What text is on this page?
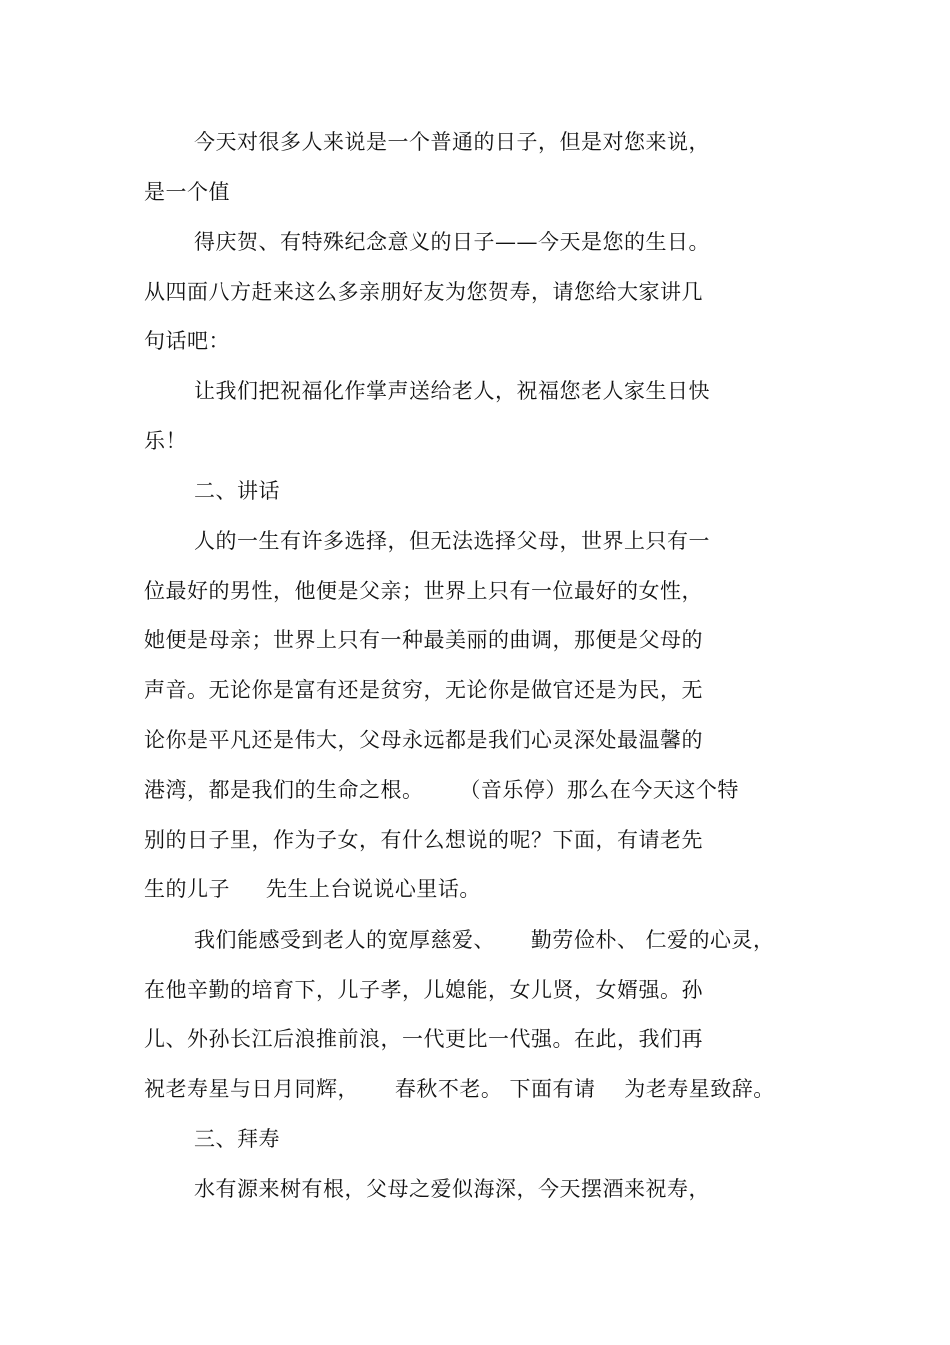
今天对很多人来说是一个普通的日子，但是对您来说，
是一个值
得庆贺、有特殊纪念意义的日子——今天是您的生日。
从四面八方赶来这么多亲朋好友为您贺寿，请您给大家讲几
句话吧：
让我们把祝福化作掌声送给老人，祝福您老人家生日快
乐！
二、讲话
人的一生有许多选择，但无法选择父母，世界上只有一
位最好的男性，他便是父亲；世界上只有一位最好的女性，
她便是母亲；世界上只有一种最美丽的曲调，那便是父母的
声音。无论你是富有还是贫穷，无论你是做官还是为民，无
论你是平凡还是伟大，父母永远都是我们心灵深处最温馨的
港湾，都是我们的生命之根。     （音乐停）那么在今天这个特
别的日子里，作为子女，有什么想说的呢？下面，有请老先
生的儿子     先生上台说说心里话。
我们能感受到老人的宽厚慈爱、     勤劳俭朴、 仁爱的心灵，
在他辛勤的培育下，儿子孝，儿媳能，女儿贤，女婿强。孙
儿、外孙长江后浪推前浪，一代更比一代强。在此，我们再
祝老寿星与日月同辉，     春秋不老。 下面有请    为老寿星致辞。
三、拜寿
水有源来树有根，父母之爱似海深，今天摆酒来祝寿，
